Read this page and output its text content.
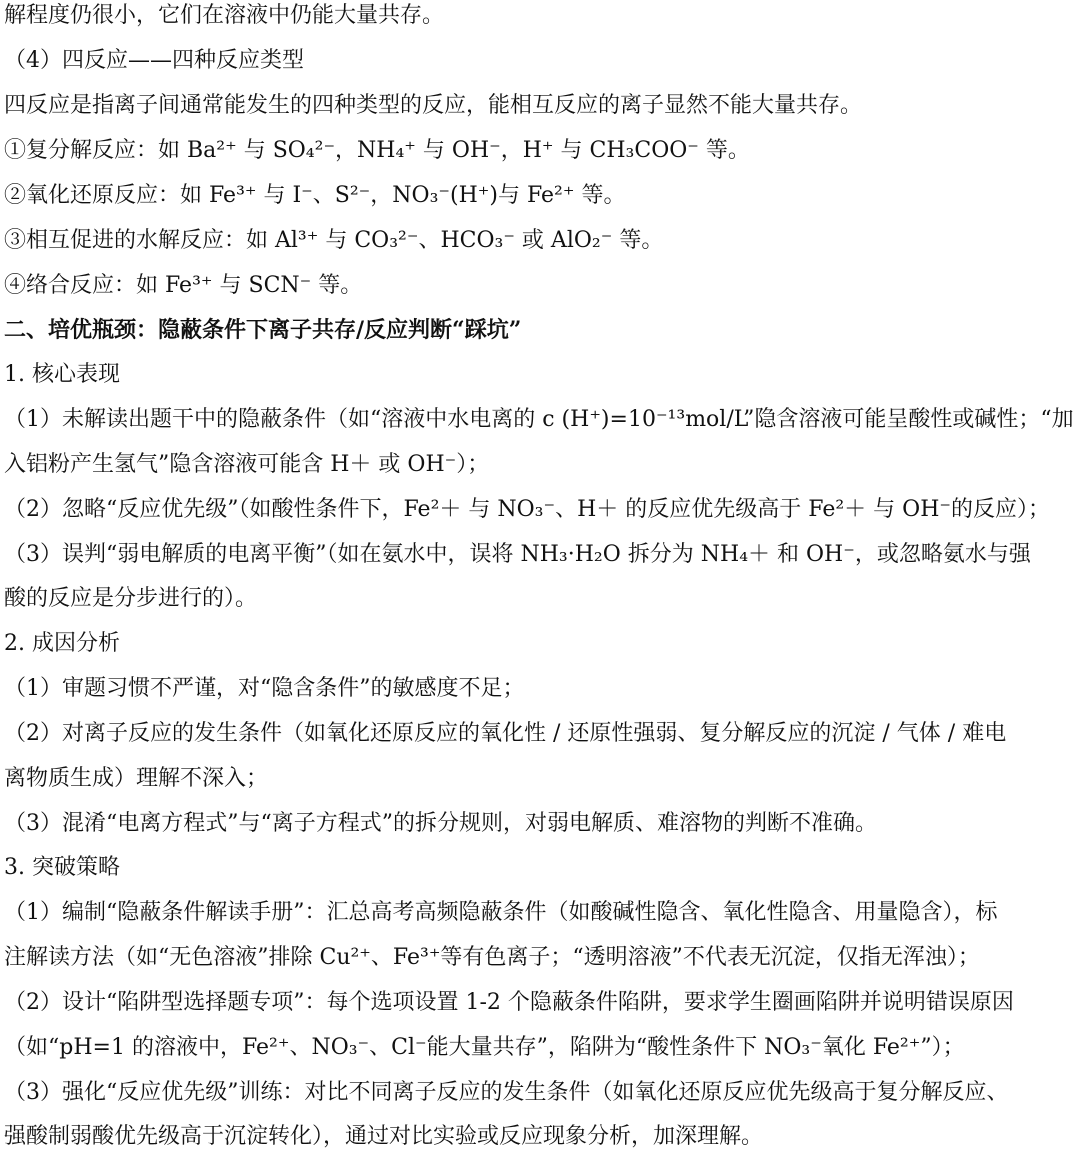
解程度仍很小，它们在溶液中仍能大量共存。
（4）四反应——四种反应类型
四反应是指离子间通常能发生的四种类型的反应，能相互反应的离子显然不能大量共存。
①复分解反应：如 Ba²⁺ 与 SO₄²⁻，NH₄⁺ 与 OH⁻，H⁺ 与 CH₃COO⁻ 等。
②氧化还原反应：如 Fe³⁺ 与 I⁻、S²⁻，NO₃⁻(H⁺)与 Fe²⁺ 等。
③相互促进的水解反应：如 Al³⁺ 与 CO₃²⁻、HCO₃⁻ 或 AlO₂⁻ 等。
④络合反应：如 Fe³⁺ 与 SCN⁻ 等。
二、培优瓶颈：隐蔽条件下离子共存/反应判断“踩坑”
1. 核心表现
（1）未解读出题干中的隐蔽条件（如“溶液中水电离的 c (H⁺)=10⁻¹³mol/L”隐含溶液可能呈酸性或碱性；“加
入铝粉产生氢气”隐含溶液可能含 H＋ 或 OH⁻）；
（2）忽略“反应优先级”（如酸性条件下，Fe²＋ 与 NO₃⁻、H＋ 的反应优先级高于 Fe²＋ 与 OH⁻的反应）；
（3）误判“弱电解质的电离平衡”（如在氨水中，误将 NH₃·H₂O 拆分为 NH₄＋ 和 OH⁻，或忽略氨水与强
酸的反应是分步进行的）。
2. 成因分析
（1）审题习惯不严谨，对“隐含条件”的敏感度不足；
（2）对离子反应的发生条件（如氧化还原反应的氧化性 / 还原性强弱、复分解反应的沉淀 / 气体 / 难电
离物质生成）理解不深入；
（3）混淆“电离方程式”与“离子方程式”的拆分规则，对弱电解质、难溶物的判断不准确。
3. 突破策略
（1）编制“隐蔽条件解读手册”：汇总高考高频隐蔽条件（如酸碱性隐含、氧化性隐含、用量隐含），标
注解读方法（如“无色溶液”排除 Cu²⁺、Fe³⁺等有色离子；“透明溶液”不代表无沉淀，仅指无浑浊）；
（2）设计“陷阱型选择题专项”：每个选项设置 1-2 个隐蔽条件陷阱，要求学生圈画陷阱并说明错误原因
（如“pH=1 的溶液中，Fe²⁺、NO₃⁻、Cl⁻能大量共存”，陷阱为“酸性条件下 NO₃⁻氧化 Fe²⁺”）；
（3）强化“反应优先级”训练：对比不同离子反应的发生条件（如氧化还原反应优先级高于复分解反应、
强酸制弱酸优先级高于沉淀转化），通过对比实验或反应现象分析，加深理解。
